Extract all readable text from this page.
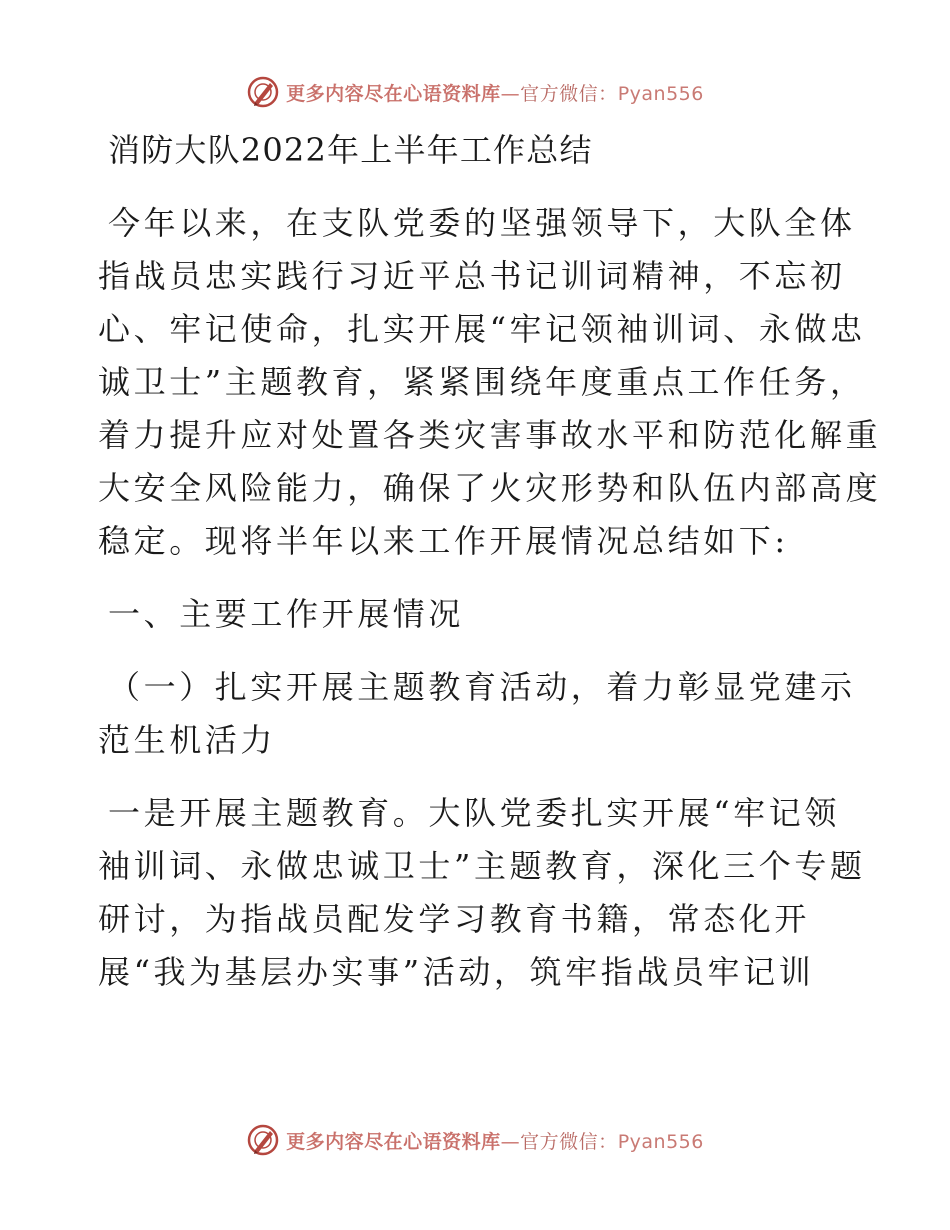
更多内容尽在心语资料库—官方微信：Pyan556

消防大队2022年上半年工作总结

今年以来，在支队党委的坚强领导下，大队全体

指战员忠实践行习近平总书记训词精神，不忘初

心、牢记使命，扎实开展“牢记领袖训词、永做忠

诚卫士”主题教育，紧紧围绕年度重点工作任务，

着力提升应对处置各类灾害事故水平和防范化解重

大安全风险能力，确保了火灾形势和队伍内部高度

稳定。现将半年以来工作开展情况总结如下:

一、主要工作开展情况

（一）扎实开展主题教育活动，着力彰显党建示

范生机活力

一是开展主题教育。大队党委扎实开展“牢记领

袖训词、永做忠诚卫士”主题教育，深化三个专题

研讨，为指战员配发学习教育书籍，常态化开

展“我为基层办实事”活动，筑牢指战员牢记训

更多内容尽在心语资料库—官方微信：Pyan556
